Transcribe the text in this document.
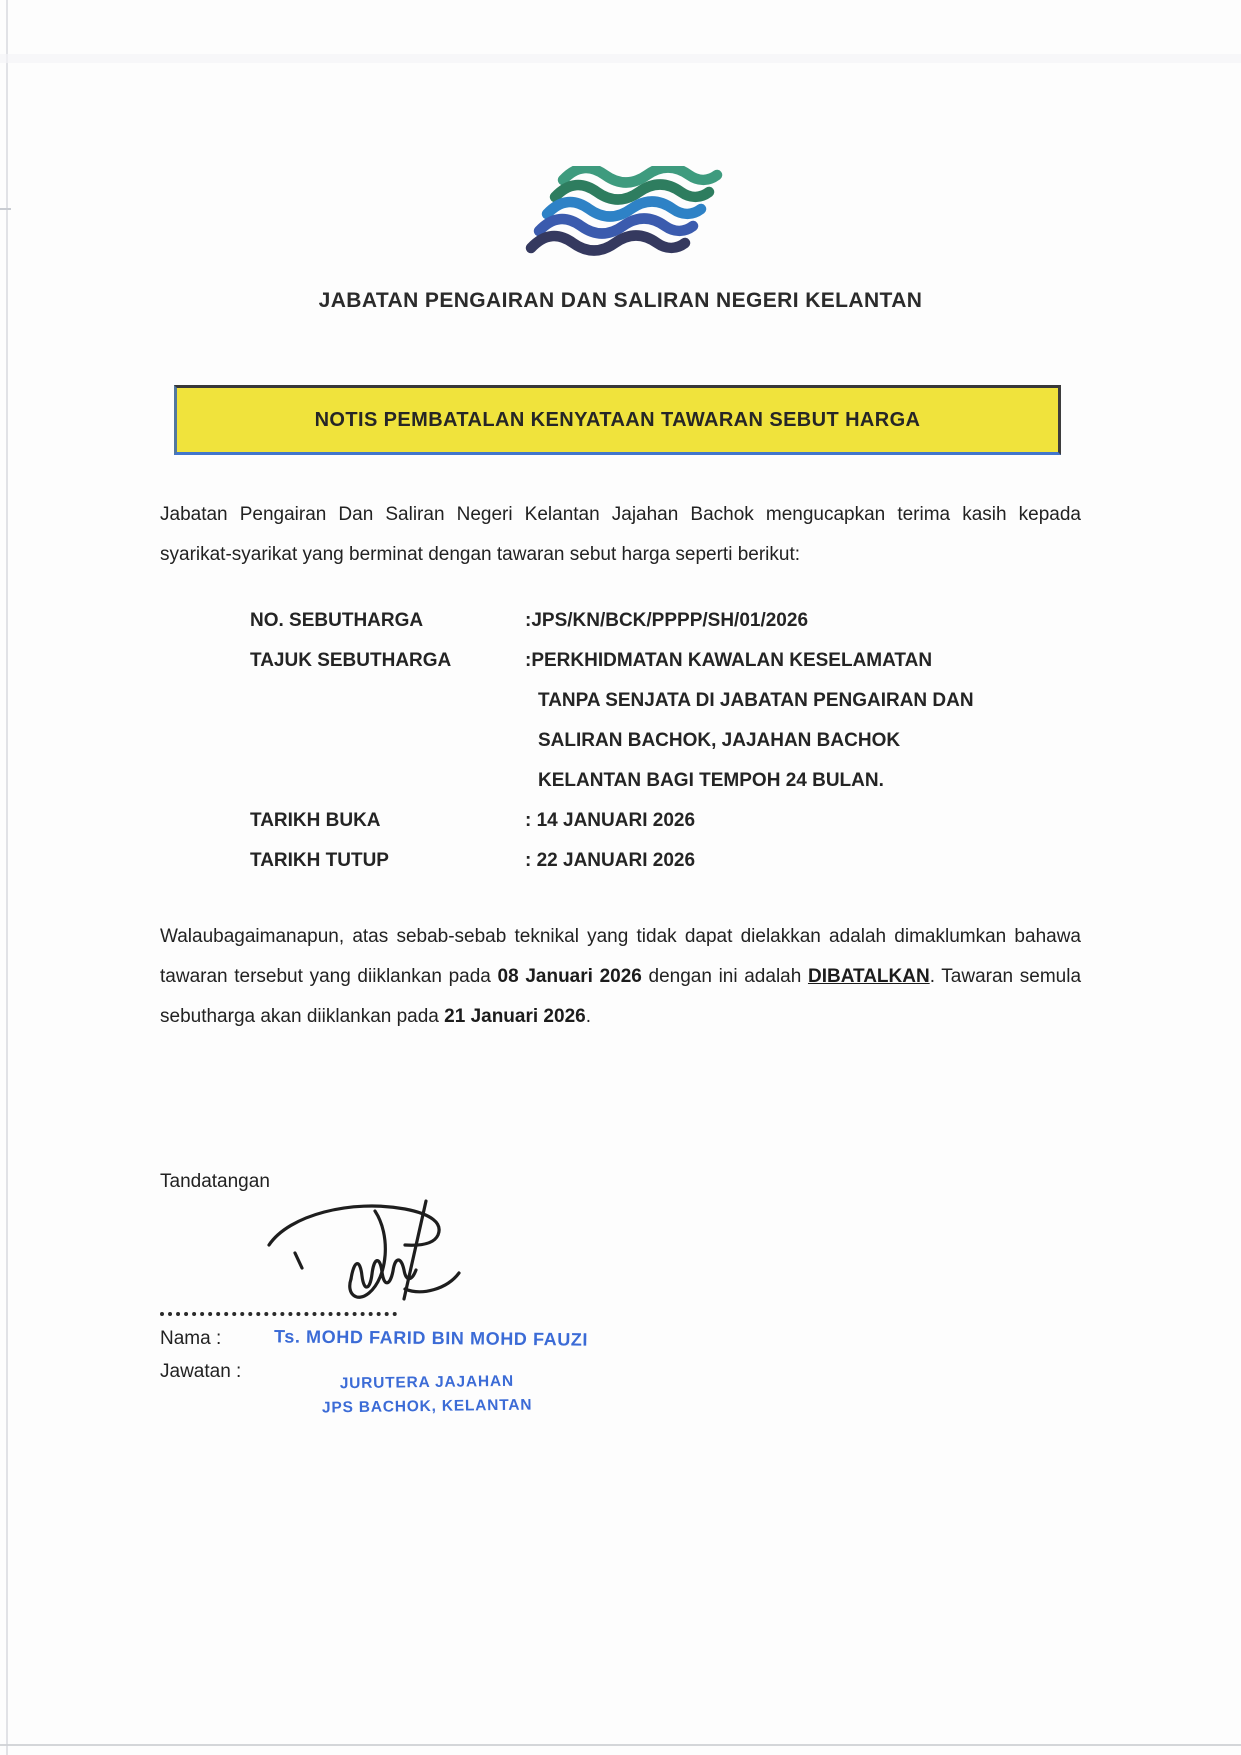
JABATAN PENGAIRAN DAN SALIRAN NEGERI KELANTAN
NOTIS PEMBATALAN KENYATAAN TAWARAN SEBUT HARGA

Jabatan Pengairan Dan Saliran Negeri Kelantan Jajahan Bachok mengucapkan terima kasih kepada syarikat-syarikat yang berminat dengan tawaran sebut harga seperti berikut:

NO. SEBUTHARGA	:JPS/KN/BCK/PPPP/SH/01/2026
TAJUK SEBUTHARGA	:PERKHIDMATAN KAWALAN KESELAMATAN
TANPA SENJATA DI JABATAN PENGAIRAN DAN
SALIRAN BACHOK, JAJAHAN BACHOK
KELANTAN BAGI TEMPOH 24 BULAN.
TARIKH BUKA	: 14 JANUARI 2026
TARIKH TUTUP	: 22 JANUARI 2026

Walaubagaimanapun, atas sebab-sebab teknikal yang tidak dapat dielakkan adalah dimaklumkan bahawa tawaran tersebut yang diiklankan pada 08 Januari 2026 dengan ini adalah DIBATALKAN. Tawaran semula sebutharga akan diiklankan pada 21 Januari 2026.

Tandatangan
Nama :	Ts. MOHD FARID BIN MOHD FAUZI
Jawatan :
JURUTERA JAJAHAN
JPS BACHOK, KELANTAN
